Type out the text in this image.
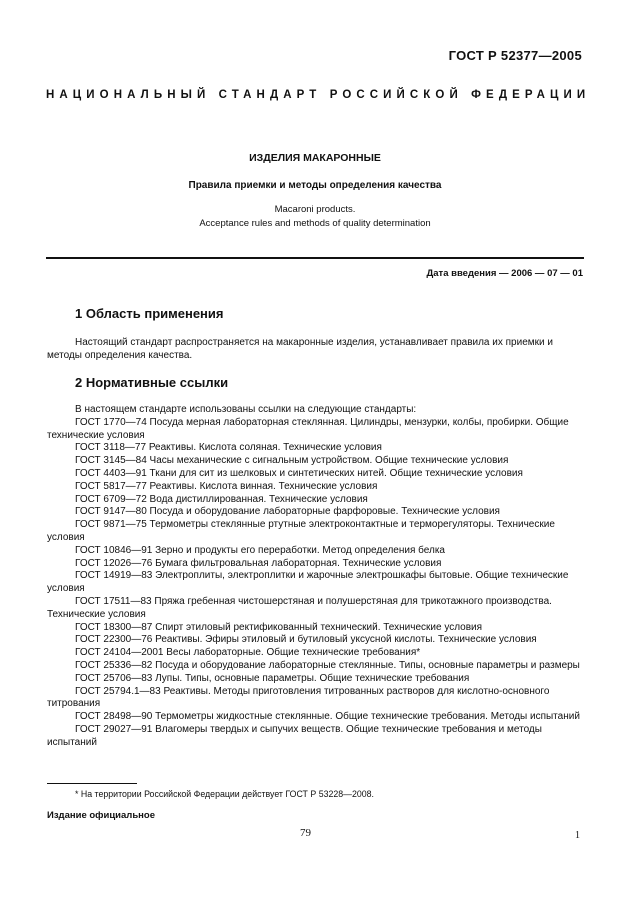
ГОСТ Р 52377—2005
НАЦИОНАЛЬНЫЙ СТАНДАРТ РОССИЙСКОЙ ФЕДЕРАЦИИ
ИЗДЕЛИЯ МАКАРОННЫЕ
Правила приемки и методы определения качества
Macaroni products.
Acceptance rules and methods of quality determination
Дата введения — 2006 — 07 — 01
1 Область применения

Настоящий стандарт распространяется на макаронные изделия, устанавливает правила их приемки и методы определения качества.

2 Нормативные ссылки

В настоящем стандарте использованы ссылки на следующие стандарты:

ГОСТ 1770—74 Посуда мерная лабораторная стеклянная. Цилиндры, мензурки, колбы, пробирки. Общие технические условия

ГОСТ 3118—77 Реактивы. Кислота соляная. Технические условия

ГОСТ 3145—84 Часы механические с сигнальным устройством. Общие технические условия

ГОСТ 4403—91 Ткани для сит из шелковых и синтетических нитей. Общие технические условия

ГОСТ 5817—77 Реактивы. Кислота винная. Технические условия

ГОСТ 6709—72 Вода дистиллированная. Технические условия

ГОСТ 9147—80 Посуда и оборудование лабораторные фарфоровые. Технические условия

ГОСТ 9871—75 Термометры стеклянные ртутные электроконтактные и терморегуляторы. Технические условия

ГОСТ 10846—91 Зерно и продукты его переработки. Метод определения белка

ГОСТ 12026—76 Бумага фильтровальная лабораторная. Технические условия

ГОСТ 14919—83 Электроплиты, электроплитки и жарочные электрошкафы бытовые. Общие технические условия

ГОСТ 17511—83 Пряжа гребенная чистошерстяная и полушерстяная для трикотажного производства. Технические условия

ГОСТ 18300—87 Спирт этиловый ректификованный технический. Технические условия

ГОСТ 22300—76 Реактивы. Эфиры этиловый и бутиловый уксусной кислоты. Технические условия

ГОСТ 24104—2001 Весы лабораторные. Общие технические требования*

ГОСТ 25336—82 Посуда и оборудование лабораторные стеклянные. Типы, основные параметры и размеры

ГОСТ 25706—83 Лупы. Типы, основные параметры. Общие технические требования

ГОСТ 25794.1—83 Реактивы. Методы приготовления титрованных растворов для кислотно-основного титрования

ГОСТ 28498—90 Термометры жидкостные стеклянные. Общие технические требования. Методы испытаний

ГОСТ 29027—91 Влагомеры твердых и сыпучих веществ. Общие технические требования и методы испытаний

* На территории Российской Федерации действует ГОСТ Р 53228—2008.
Издание официальное
79	1
